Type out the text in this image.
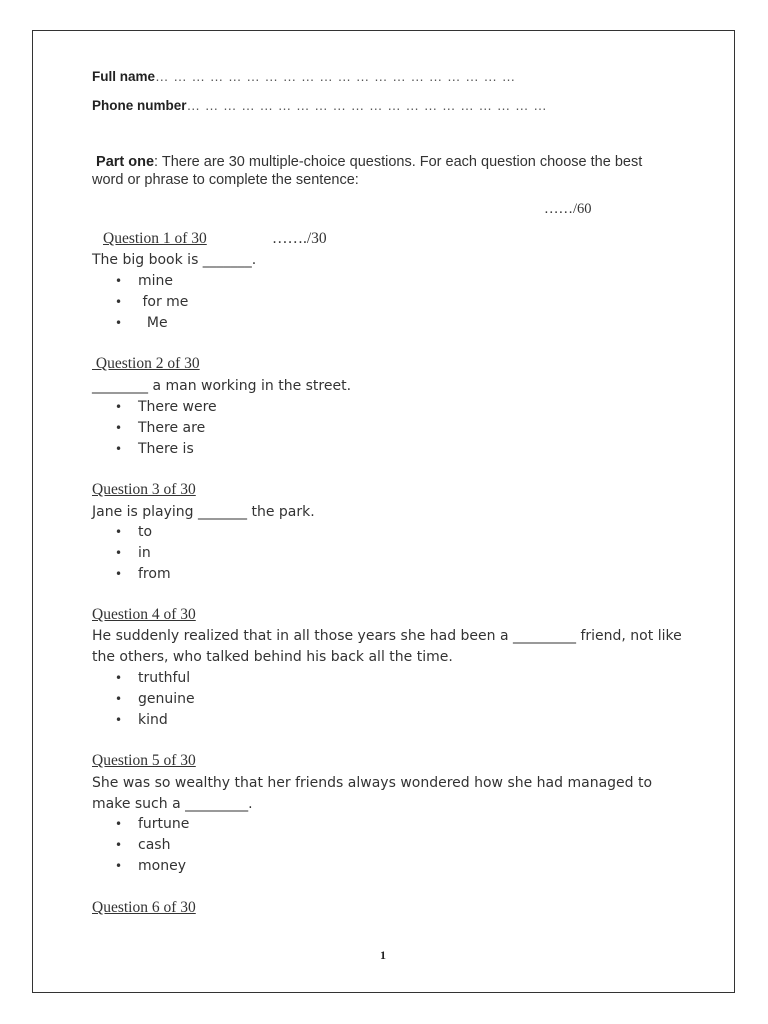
Full name… … … … … … … … … … … … … … … … … … … …
Phone number… … … … … … … … … … … … … … … … … … … …
Part one: There are 30 multiple-choice questions. For each question choose the best word or phrase to complete the sentence:
……/60
Question 1 of 30	……./30
The big book is _______.
• mine
• for me
• Me
Question 2 of 30
________ a man working in the street.
• There were
• There are
• There is
Question 3 of 30
Jane is playing _______ the park.
• to
• in
• from
Question 4 of 30
He suddenly realized that in all those years she had been a _________ friend, not like the others, who talked behind his back all the time.
• truthful
• genuine
• kind
Question 5 of 30
She was so wealthy that her friends always wondered how she had managed to make such a _________.
• furtune
• cash
• money
Question 6 of 30
1
